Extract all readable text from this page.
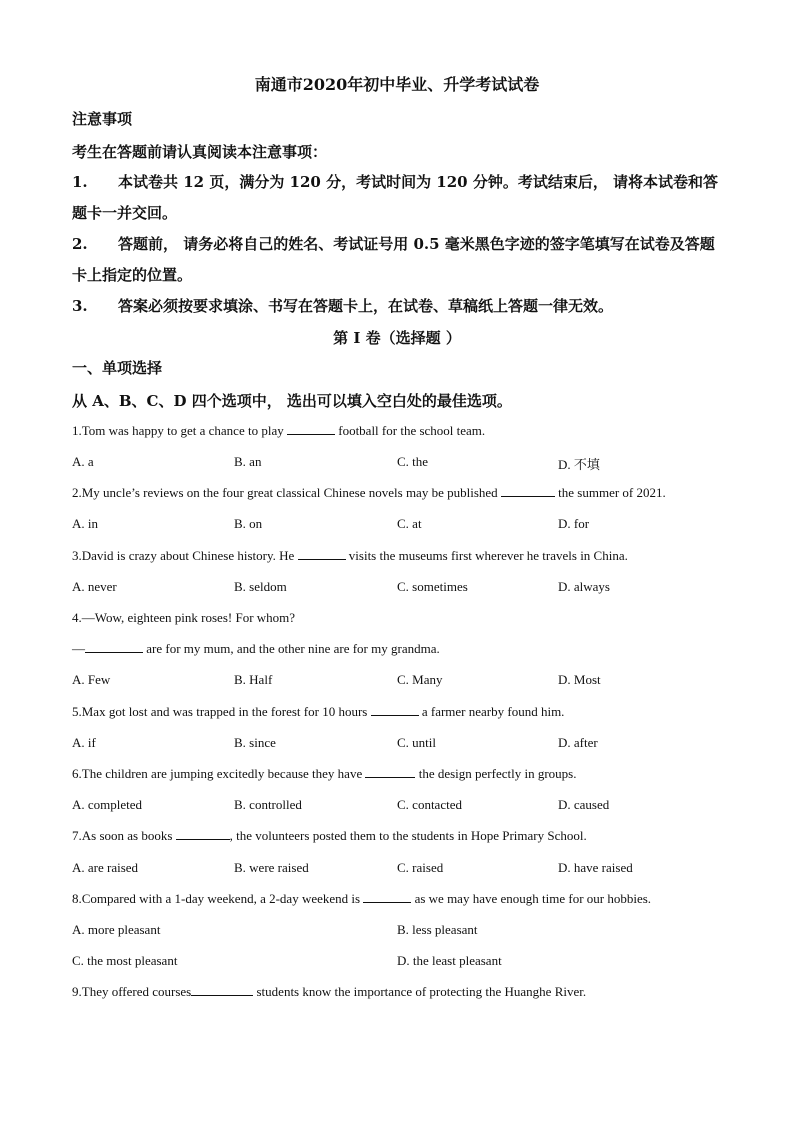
南通市2020年初中毕业、升学考试试卷
注意事项
考生在答题前请认真阅读本注意事项：
1. 本试卷共 12 页，满分为 120 分，考试时间为 120 分钟。考试结束后， 请将本试卷和答题卡一并交回。
2. 答题前， 请务必将自己的姓名、考试证号用 0.5 毫米黑色字迹的签字笔填写在试卷及答题卡上指定的位置。
3. 答案必须按要求填涂、书写在答题卡上，在试卷、草稿纸上答题一律无效。
第 I 卷（选择题 ）
一、单项选择
从 A、B、C、D 四个选项中， 选出可以填入空白处的最佳选项。
1.Tom was happy to get a chance to play	football for the school team.
A. a	B. an	C. the	D. 不填
2.My uncle’s reviews on the four great classical Chinese novels may be published	the summer of 2021.
A. in	B. on	C. at	D. for
3.David is crazy about Chinese history. He	visits the museums first wherever he travels in China.
A. never	B. seldom	C. sometimes	D. always
4.—Wow, eighteen pink roses! For whom?
—	are for my mum, and the other nine are for my grandma.
A. Few	B. Half	C. Many	D. Most
5.Max got lost and was trapped in the forest for 10 hours	a farmer nearby found him.
A. if	B. since	C. until	D. after
6.The children are jumping excitedly because they have	the design perfectly in groups.
A. completed	B. controlled	C. contacted	D. caused
7.As soon as books	, the volunteers posted them to the students in Hope Primary School.
A. are raised	B. were raised	C. raised	D. have raised
8.Compared with a 1-day weekend, a 2-day weekend is	as we may have enough time for our hobbies.
A. more pleasant	B. less pleasant
C. the most pleasant	D. the least pleasant
9.They offered courses	students know the importance of protecting the Huanghe River.
